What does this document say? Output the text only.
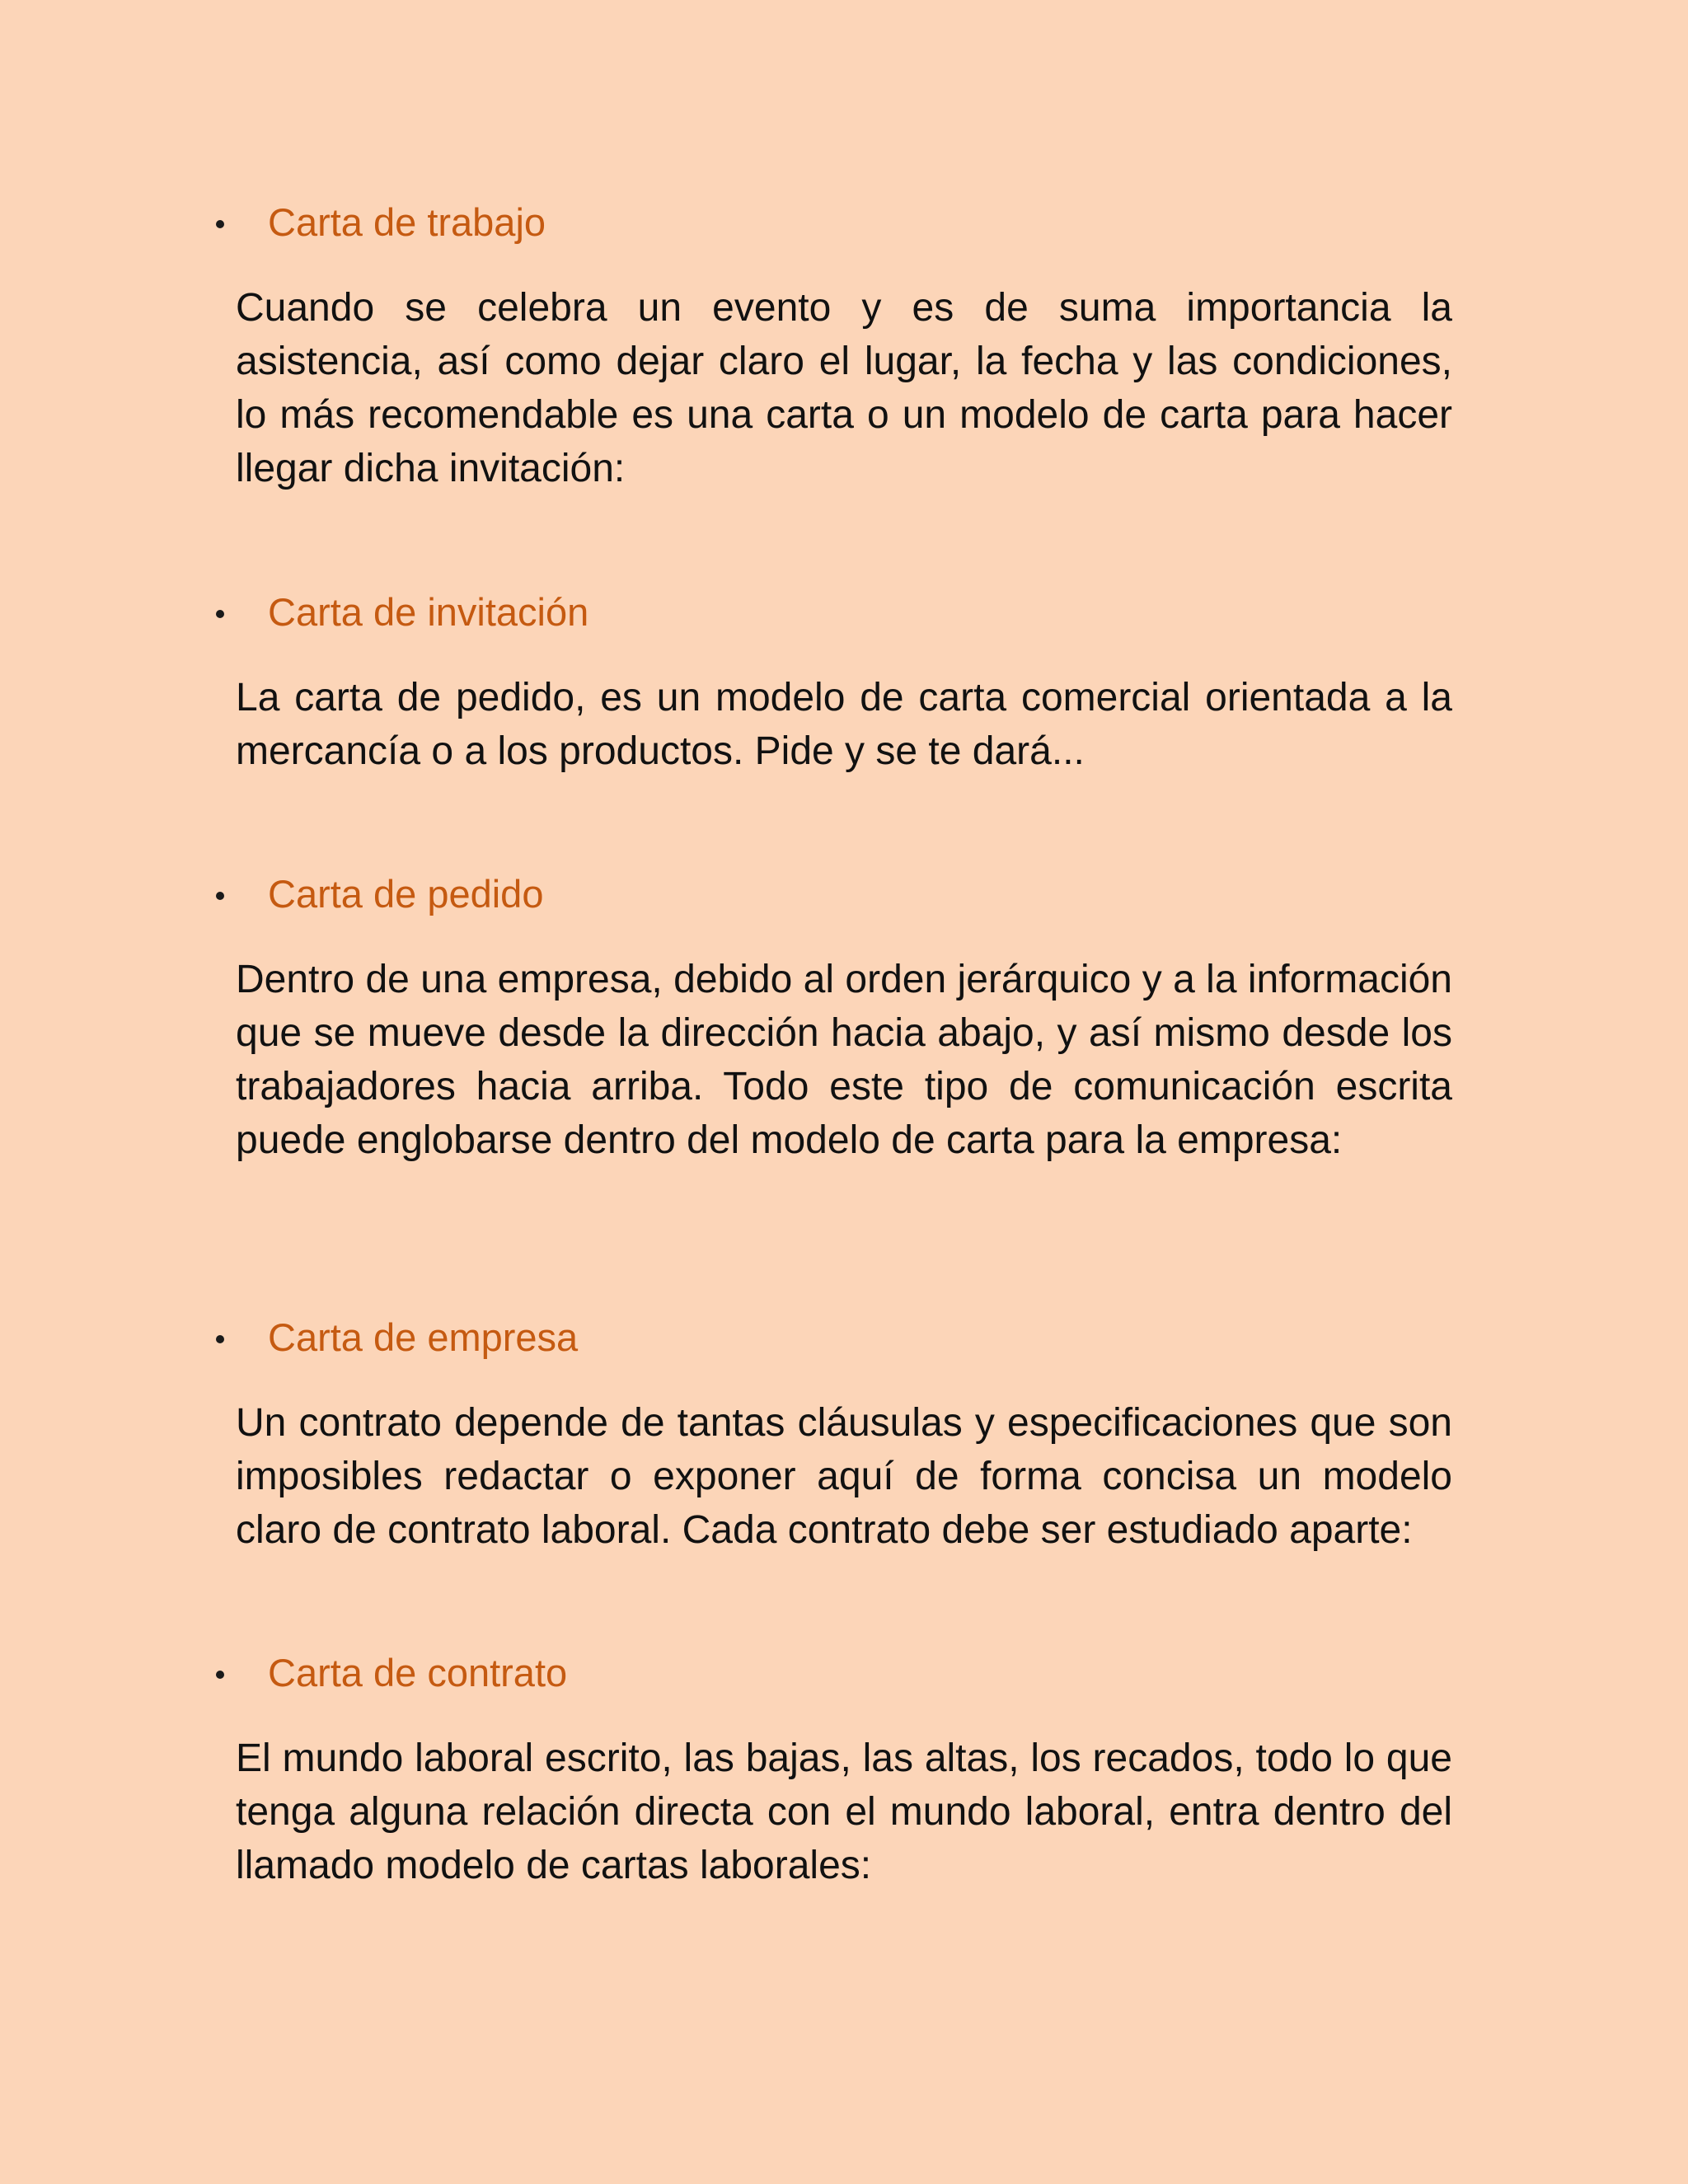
Carta de trabajo

Cuando se celebra un evento y es de suma importancia la asistencia, así como dejar claro el lugar, la fecha y las condiciones, lo más recomendable es una carta o un modelo de carta para hacer llegar dicha invitación:

Carta de invitación

La carta de pedido, es un modelo de carta comercial orientada a la mercancía o a los productos. Pide y se te dará...

Carta de pedido

Dentro de una empresa, debido al orden jerárquico y a la información que se mueve desde la dirección hacia abajo, y así mismo desde los trabajadores hacia arriba. Todo este tipo de comunicación escrita puede englobarse dentro del modelo de carta para la empresa:

Carta de empresa

Un contrato depende de tantas cláusulas y especificaciones que son imposibles redactar o exponer aquí de forma concisa un modelo claro de contrato laboral. Cada contrato debe ser estudiado aparte:

Carta de contrato

El mundo laboral escrito, las bajas, las altas, los recados, todo lo que tenga alguna relación directa con el mundo laboral, entra dentro del llamado modelo de cartas laborales:
